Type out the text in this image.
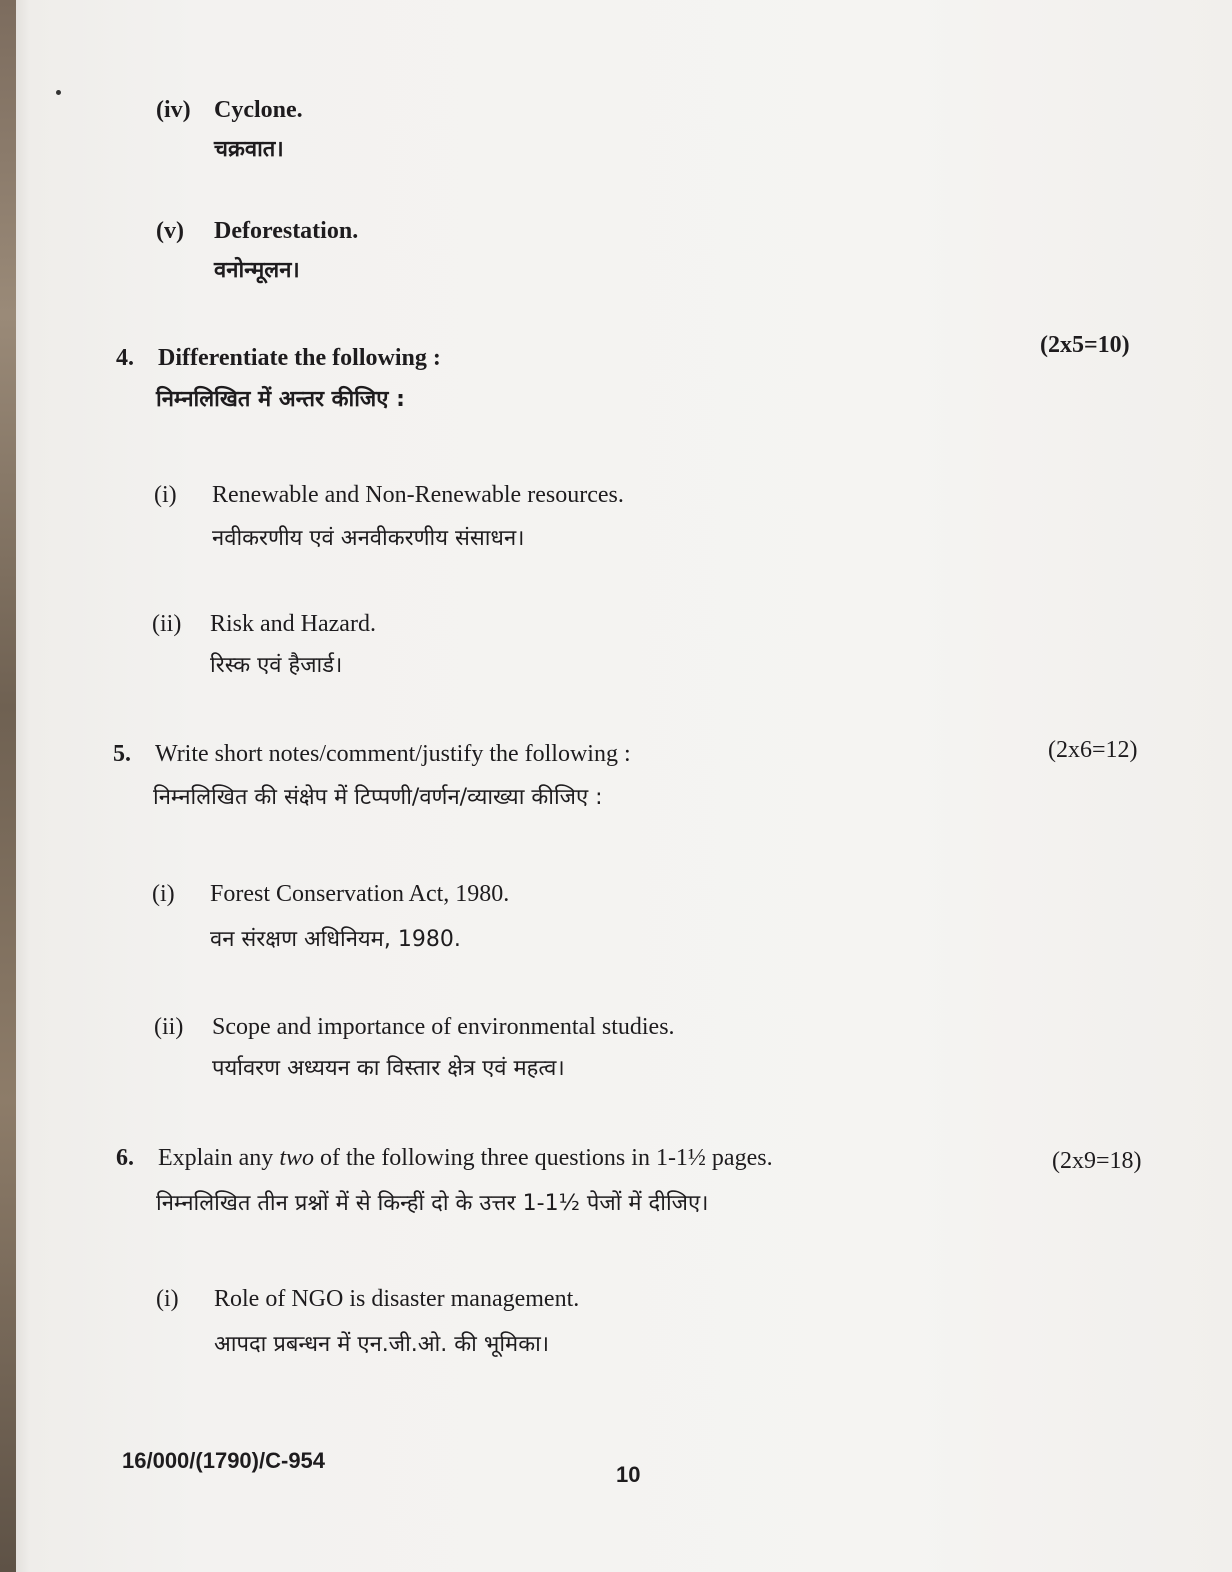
(iv) Cyclone.
चक्रवात।
(v) Deforestation.
वनोन्मूलन।
4. Differentiate the following :
निम्नलिखित में अन्तर कीजिए :
(2x5=10)
(i) Renewable and Non-Renewable resources.
नवीकरणीय एवं अनवीकरणीय संसाधन।
(ii) Risk and Hazard.
रिस्क एवं हैजार्ड।
5. Write short notes/comment/justify the following :
निम्नलिखित की संक्षेप में टिप्पणी/वर्णन/व्याख्या कीजिए :
(2x6=12)
(i) Forest Conservation Act, 1980.
वन संरक्षण अधिनियम, 1980.
(ii) Scope and importance of environmental studies.
पर्यावरण अध्ययन का विस्तार क्षेत्र एवं महत्व।
6. Explain any two of the following three questions in 1-1½ pages.
निम्नलिखित तीन प्रश्नों में से किन्हीं दो के उत्तर 1-1½ पेजों में दीजिए।
(2x9=18)
(i) Role of NGO is disaster management.
आपदा प्रबन्धन में एन.जी.ओ. की भूमिका।
16/000/(1790)/C-954
10
